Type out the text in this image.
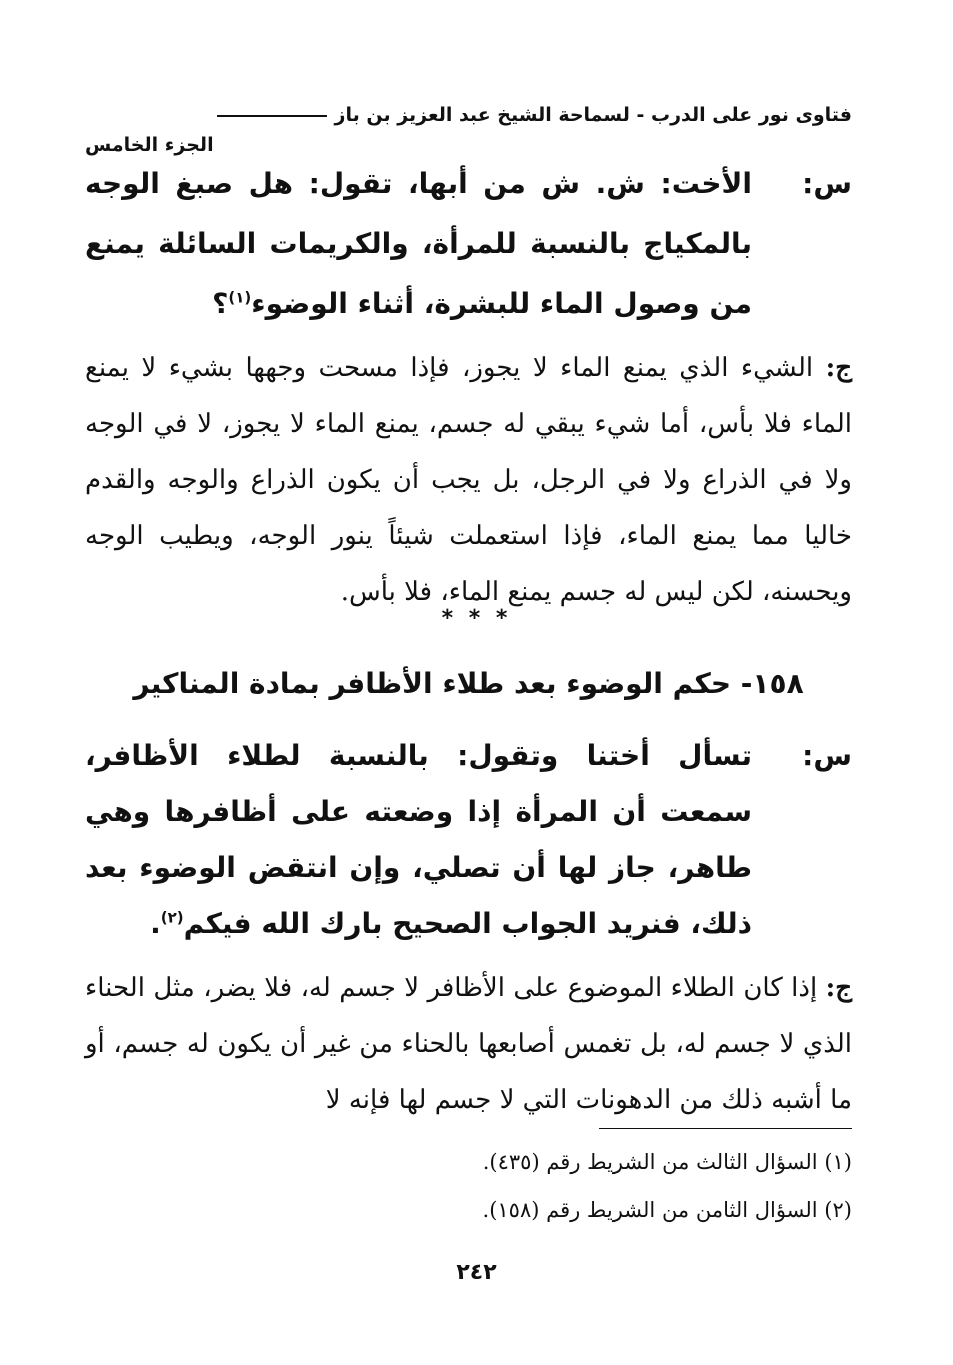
فتاوى نور على الدرب - لسماحة الشيخ عبد العزيز بن باز
الجزء الخامس
س:

الأخت: ش. ش من أبها، تقول: هل صبغ الوجه بالمكياج بالنسبة للمرأة، والكريمات السائلة يمنع من وصول الماء للبشرة، أثناء الوضوء$^{(١)}$؟

ج: الشيء الذي يمنع الماء لا يجوز، فإذا مسحت وجهها بشيء لا يمنع الماء فلا بأس، أما شيء يبقي له جسم، يمنع الماء لا يجوز، لا في الوجه ولا في الذراع ولا في الرجل، بل يجب أن يكون الذراع والوجه والقدم خاليا مما يمنع الماء، فإذا استعملت شيئاً ينور الوجه، ويطيب الوجه ويحسنه، لكن ليس له جسم يمنع الماء، فلا بأس.

* * *
١٥٨- حكم الوضوء بعد طلاء الأظافر بمادة المناكير
س:

تسأل أختنا وتقول: بالنسبة لطلاء الأظافر، سمعت أن المرأة إذا وضعته على أظافرها وهي طاهر، جاز لها أن تصلي، وإن انتقض الوضوء بعد ذلك، فنريد الجواب الصحيح بارك الله فيكم$^{(٢)}$.

ج: إذا كان الطلاء الموضوع على الأظافر لا جسم له، فلا يضر، مثل الحناء الذي لا جسم له، بل تغمس أصابعها بالحناء من غير أن يكون له جسم، أو ما أشبه ذلك من الدهونات التي لا جسم لها فإنه لا

(١) السؤال الثالث من الشريط رقم (٤٣٥).

(٢) السؤال الثامن من الشريط رقم (١٥٨).

٢٤٢
